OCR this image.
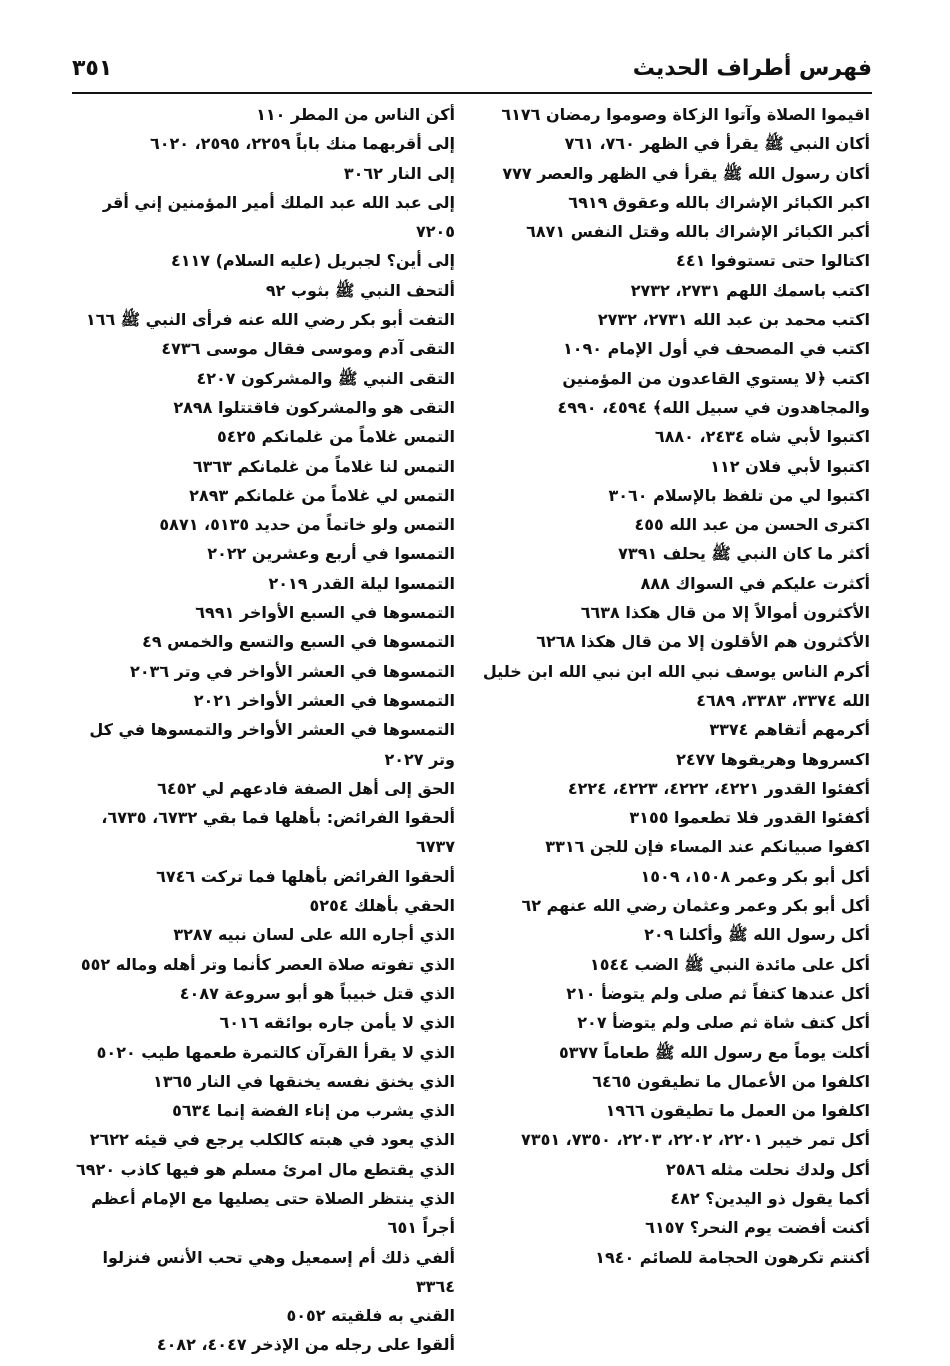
فهرس أطراف الحديث
٣٥١
اقيموا الصلاة وآتوا الزكاة وصوموا رمضان ٦١٧٦
أكان النبي ﷺ يقرأ في الظهر ٧٦٠، ٧٦١
أكان رسول الله ﷺ يقرأ في الظهر والعصر ٧٧٧
اكبر الكبائر الإشراك بالله وعقوق ٦٩١٩
أكبر الكبائر الإشراك بالله وقتل النفس ٦٨٧١
اكتالوا حتى تستوفوا ٤٤١
اكتب باسمك اللهم ٢٧٣١، ٢٧٣٢
اكتب محمد بن عبد الله ٢٧٣١، ٢٧٣٢
اكتب في المصحف في أول الإمام ١٠٩٠
اكتب ﴿لا يستوي القاعدون من المؤمنين والمجاهدون في سبيل الله﴾ ٤٥٩٤، ٤٩٩٠
اكتبوا لأبي شاه ٢٤٣٤، ٦٨٨٠
اكتبوا لأبي فلان ١١٢
اكتبوا لي من تلفظ بالإسلام ٣٠٦٠
اكترى الحسن من عبد الله ٤٥٥
أكثر ما كان النبي ﷺ يحلف ٧٣٩١
أكثرت عليكم في السواك ٨٨٨
الأكثرون أموالاً إلا من قال هكذا ٦٦٣٨
الأكثرون هم الأقلون إلا من قال هكذا ٦٢٦٨
أكرم الناس يوسف نبي الله ابن نبي الله ابن خليل الله ٣٣٧٤، ٣٣٨٣، ٤٦٨٩
أكرمهم أتقاهم ٣٣٧٤
اكسروها وهريقوها ٢٤٧٧
أكفئوا القدور ٤٢٢١، ٤٢٢٢، ٤٢٢٣، ٤٢٢٤
أكفئوا القدور فلا تطعموا ٣١٥٥
اكفوا صبيانكم عند المساء فإن للجن ٣٣١٦
أكل أبو بكر وعمر ١٥٠٨، ١٥٠٩
أكل أبو بكر وعمر وعثمان رضي الله عنهم ٦٢
أكل رسول الله ﷺ وأكلنا ٢٠٩
أكل على مائدة النبي ﷺ الضب ١٥٤٤
أكل عندها كتفاً ثم صلى ولم يتوضأ ٢١٠
أكل كتف شاة ثم صلى ولم يتوضأ ٢٠٧
أكلت يوماً مع رسول الله ﷺ طعاماً ٥٣٧٧
اكلفوا من الأعمال ما تطيقون ٦٤٦٥
اكلفوا من العمل ما تطيقون ١٩٦٦
أكل تمر خيبر ٢٢٠١، ٢٢٠٢، ٢٢٠٣، ٧٣٥٠، ٧٣٥١
أكل ولدك نحلت مثله ٢٥٨٦
أكما يقول ذو اليدين؟ ٤٨٢
أكنت أفضت يوم النحر؟ ٦١٥٧
أكنتم تكرهون الحجامة للصائم ١٩٤٠
أكن الناس من المطر ١١٠
إلى أقربهما منك باباً ٢٢٥٩، ٢٥٩٥، ٦٠٢٠
إلى النار ٣٠٦٢
إلى عبد الله عبد الملك أمير المؤمنين إني أقر ٧٢٠٥
إلى أين؟ لجبريل (عليه السلام) ٤١١٧
ألتحف النبي ﷺ بثوب ٩٢
التفت أبو بكر رضي الله عنه فرأى النبي ﷺ ١٦٦
التقى آدم وموسى فقال موسى ٤٧٣٦
التقى النبي ﷺ والمشركون ٤٢٠٧
التقى هو والمشركون فاقتتلوا ٢٨٩٨
التمس غلاماً من غلمانكم ٥٤٢٥
التمس لنا غلاماً من غلمانكم ٦٣٦٣
التمس لي غلاماً من غلمانكم ٢٨٩٣
التمس ولو خاتماً من حديد ٥١٣٥، ٥٨٧١
التمسوا في أربع وعشرين ٢٠٢٢
التمسوا ليلة القدر ٢٠١٩
التمسوها في السبع الأواخر ٦٩٩١
التمسوها في السبع والتسع والخمس ٤٩
التمسوها في العشر الأواخر في وتر ٢٠٣٦
التمسوها في العشر الأواخر ٢٠٢١
التمسوها في العشر الأواخر والتمسوها في كل وتر ٢٠٢٧
الحق إلى أهل الصفة فادعهم لي ٦٤٥٢
ألحقوا الفرائض: بأهلها فما بقي ٦٧٣٢، ٦٧٣٥، ٦٧٣٧
ألحقوا الفرائض بأهلها فما تركت ٦٧٤٦
الحقي بأهلك ٥٢٥٤
الذي أجاره الله على لسان نبيه ٣٢٨٧
الذي تفوته صلاة العصر كأنما وتر أهله وماله ٥٥٢
الذي قتل خبيباً هو أبو سروعة ٤٠٨٧
الذي لا يأمن جاره بوائقه ٦٠١٦
الذي لا يقرأ القرآن كالتمرة طعمها طيب ٥٠٢٠
الذي يخنق نفسه يخنقها في النار ١٣٦٥
الذي يشرب من إناء الفضة إنما ٥٦٣٤
الذي يعود في هبته كالكلب يرجع في قيئه ٢٦٢٢
الذي يقتطع مال امرئ مسلم هو فيها كاذب ٦٩٢٠
الذي ينتظر الصلاة حتى يصليها مع الإمام أعظم أجراً ٦٥١
ألفي ذلك أم إسمعيل وهي تحب الأنس فنزلوا ٣٣٦٤
القني به فلقيته ٥٠٥٢
ألقوا على رجله من الإذخر ٤٠٤٧، ٤٠٨٢
